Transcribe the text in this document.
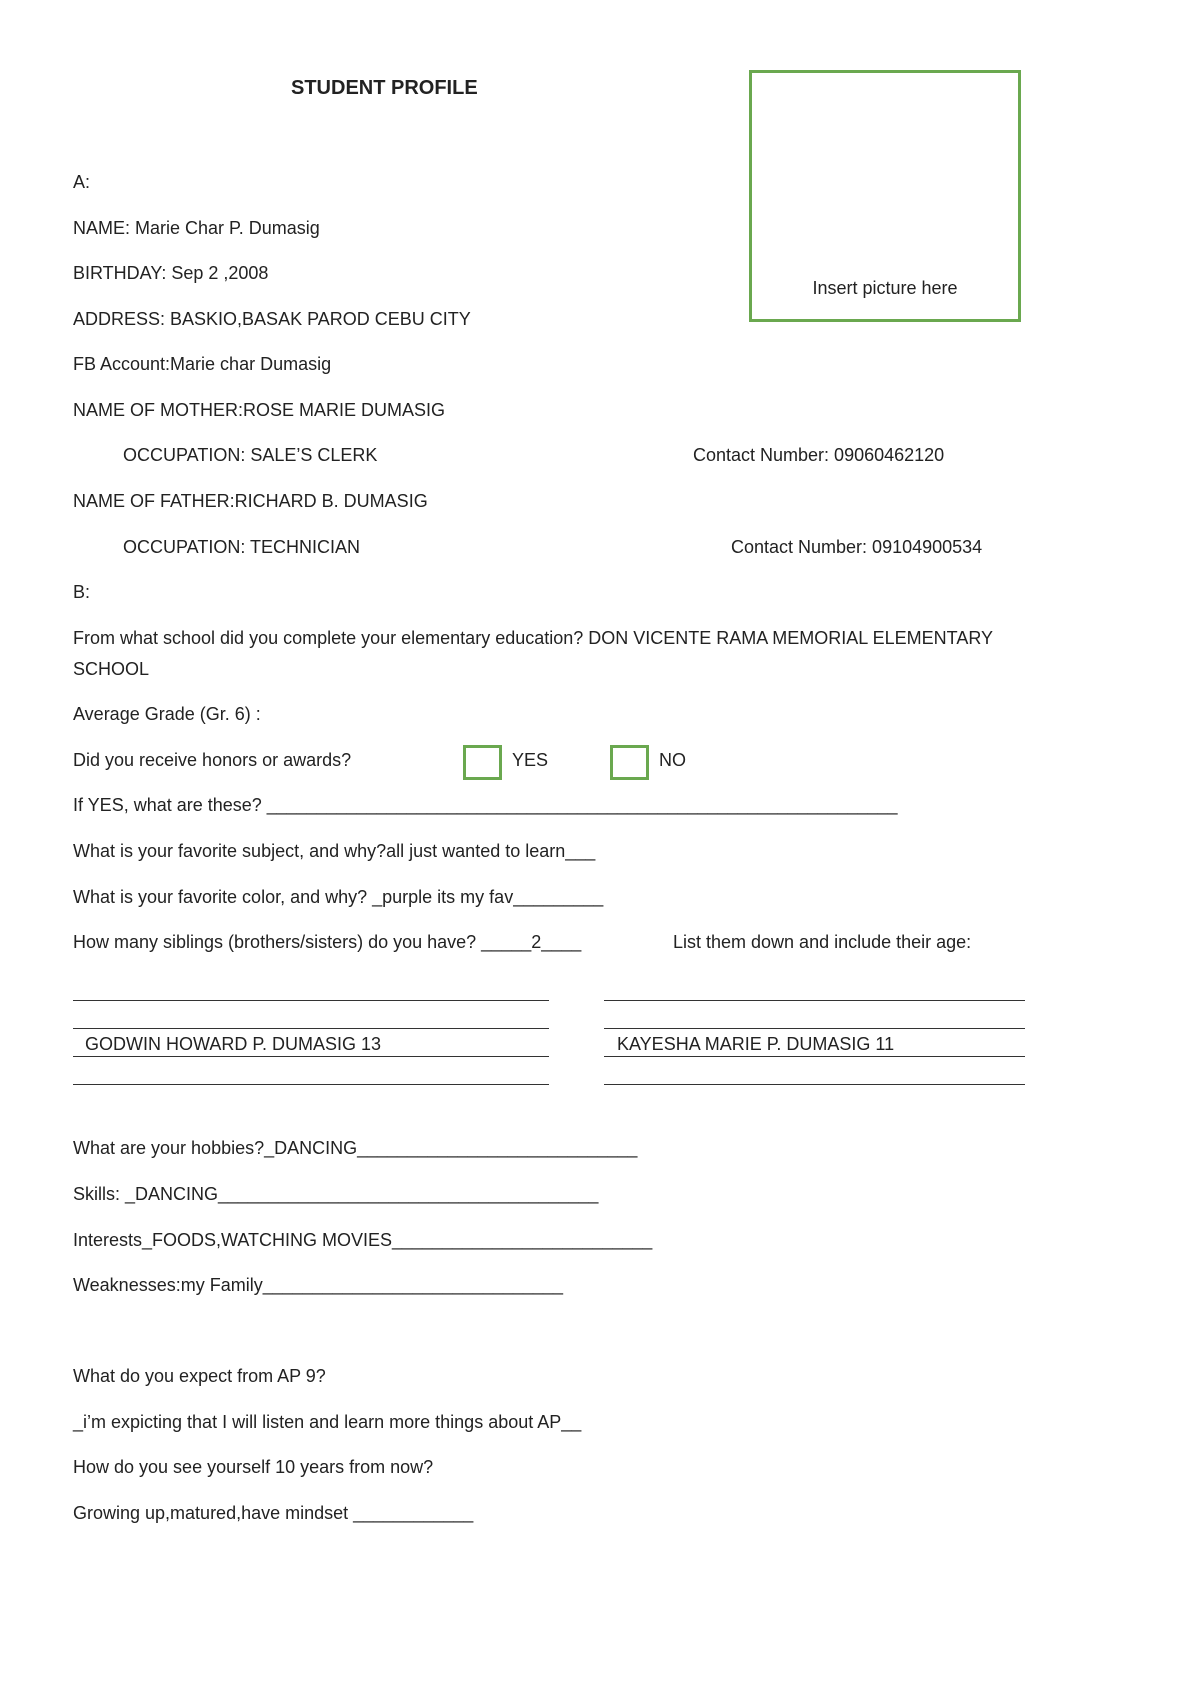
STUDENT PROFILE
Insert picture here
A:
NAME: Marie Char P. Dumasig
BIRTHDAY: Sep 2 ,2008
ADDRESS: BASKIO,BASAK PAROD CEBU CITY
FB Account:Marie char Dumasig
NAME OF MOTHER:ROSE MARIE DUMASIG
OCCUPATION: SALE’S CLERK	Contact Number: 09060462120
NAME OF FATHER:RICHARD B. DUMASIG
OCCUPATION: TECHNICIAN	Contact Number: 09104900534
B:
From what school did you complete your elementary education? DON VICENTE RAMA MEMORIAL ELEMENTARY
SCHOOL
Average Grade (Gr. 6) :
Did you receive honors or awards?	YES	NO
If YES, what are these? _______________________________________________________________
What is your favorite subject, and why?all just wanted to learn___
What is your favorite color, and why? _purple its my fav_________
How many siblings (brothers/sisters) do you have? _____2____	List them down and include their age:
GODWIN HOWARD P. DUMASIG 13	KAYESHA MARIE P. DUMASIG 11
What are your hobbies?_DANCING____________________________
Skills: _DANCING______________________________________
Interests_FOODS,WATCHING MOVIES__________________________
Weaknesses:my Family______________________________
What do you expect from AP 9?
_i’m expicting that I will listen and learn more things about AP__
How do you see yourself 10 years from now?
Growing up,matured,have mindset ____________
